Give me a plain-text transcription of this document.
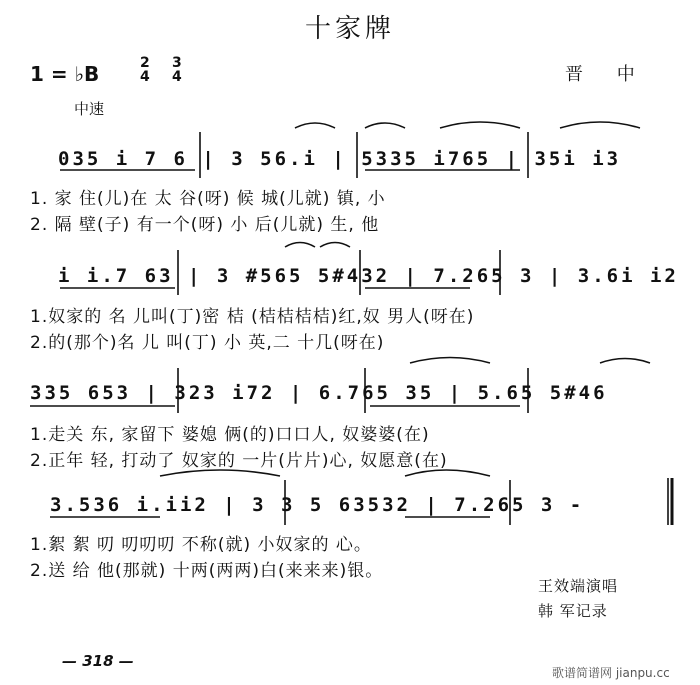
十家牌
1 = ♭B	2
4
3
4	晋 中
中速
035 i 7 6 | 3 56.i | 5335 i765 | 35i i3
1. 家 住(儿)在 太 谷(呀) 候 城(儿就) 镇, 小
2. 隔 壁(子) 有一个(呀) 小 后(儿就) 生, 他
i i.7 63 | 3 #565 5#432 | 7.265 3 | 3.6i i2
1.奴家的 名 儿叫(丁)密 桔 (桔桔桔桔)红,奴 男人(呀在)
2.的(那个)名 儿 叫(丁) 小 英,二 十几(呀在)
335 653 | 323 i72 | 6.765 35 | 5.65 5#46
1.走关 东, 家留下 婆媳 俩(的)口口人, 奴婆婆(在)
2.正年 轻, 打动了 奴家的 一片(片片)心, 奴愿意(在)
3.536 i.ii2 | 3 3 5 63532 | 7.265 3 -
1.絮 絮 叨 叨叨叨 不称(就) 小奴家的 心。
2.送 给 他(那就) 十两(两两)白(来来来)银。
王效端演唱
韩 军记录
— 318 —
歌谱简谱网 jianpu.cc
